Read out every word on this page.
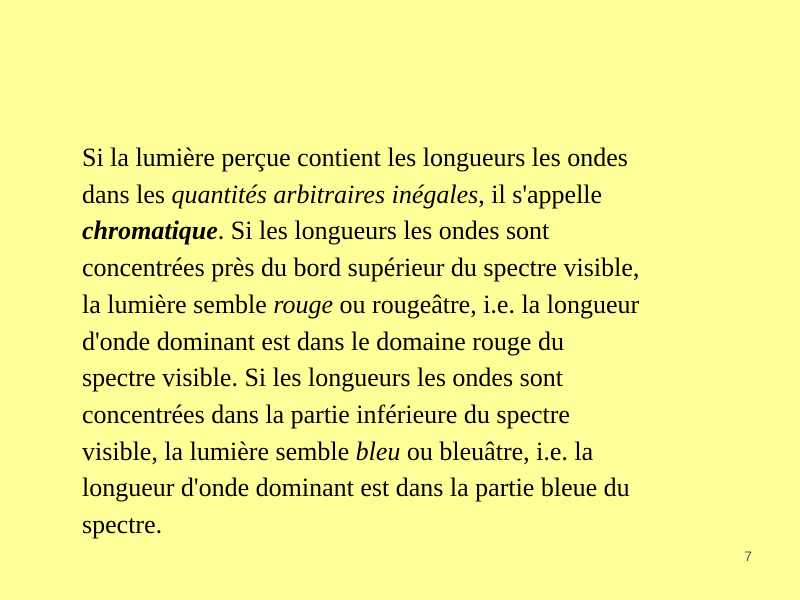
Si la lumière perçue contient les longueurs les ondes
dans les quantités arbitraires inégales, il s'appelle
chromatique. Si les longueurs les ondes sont
concentrées près du bord supérieur du spectre visible,
la lumière semble rouge ou rougeâtre, i.e. la longueur
d'onde dominant est dans le domaine rouge du
spectre visible. Si les longueurs les ondes sont
concentrées dans la partie inférieure du spectre
visible, la lumière semble bleu ou bleuâtre, i.e. la
longueur d'onde dominant est dans la partie bleue du
spectre.

7
